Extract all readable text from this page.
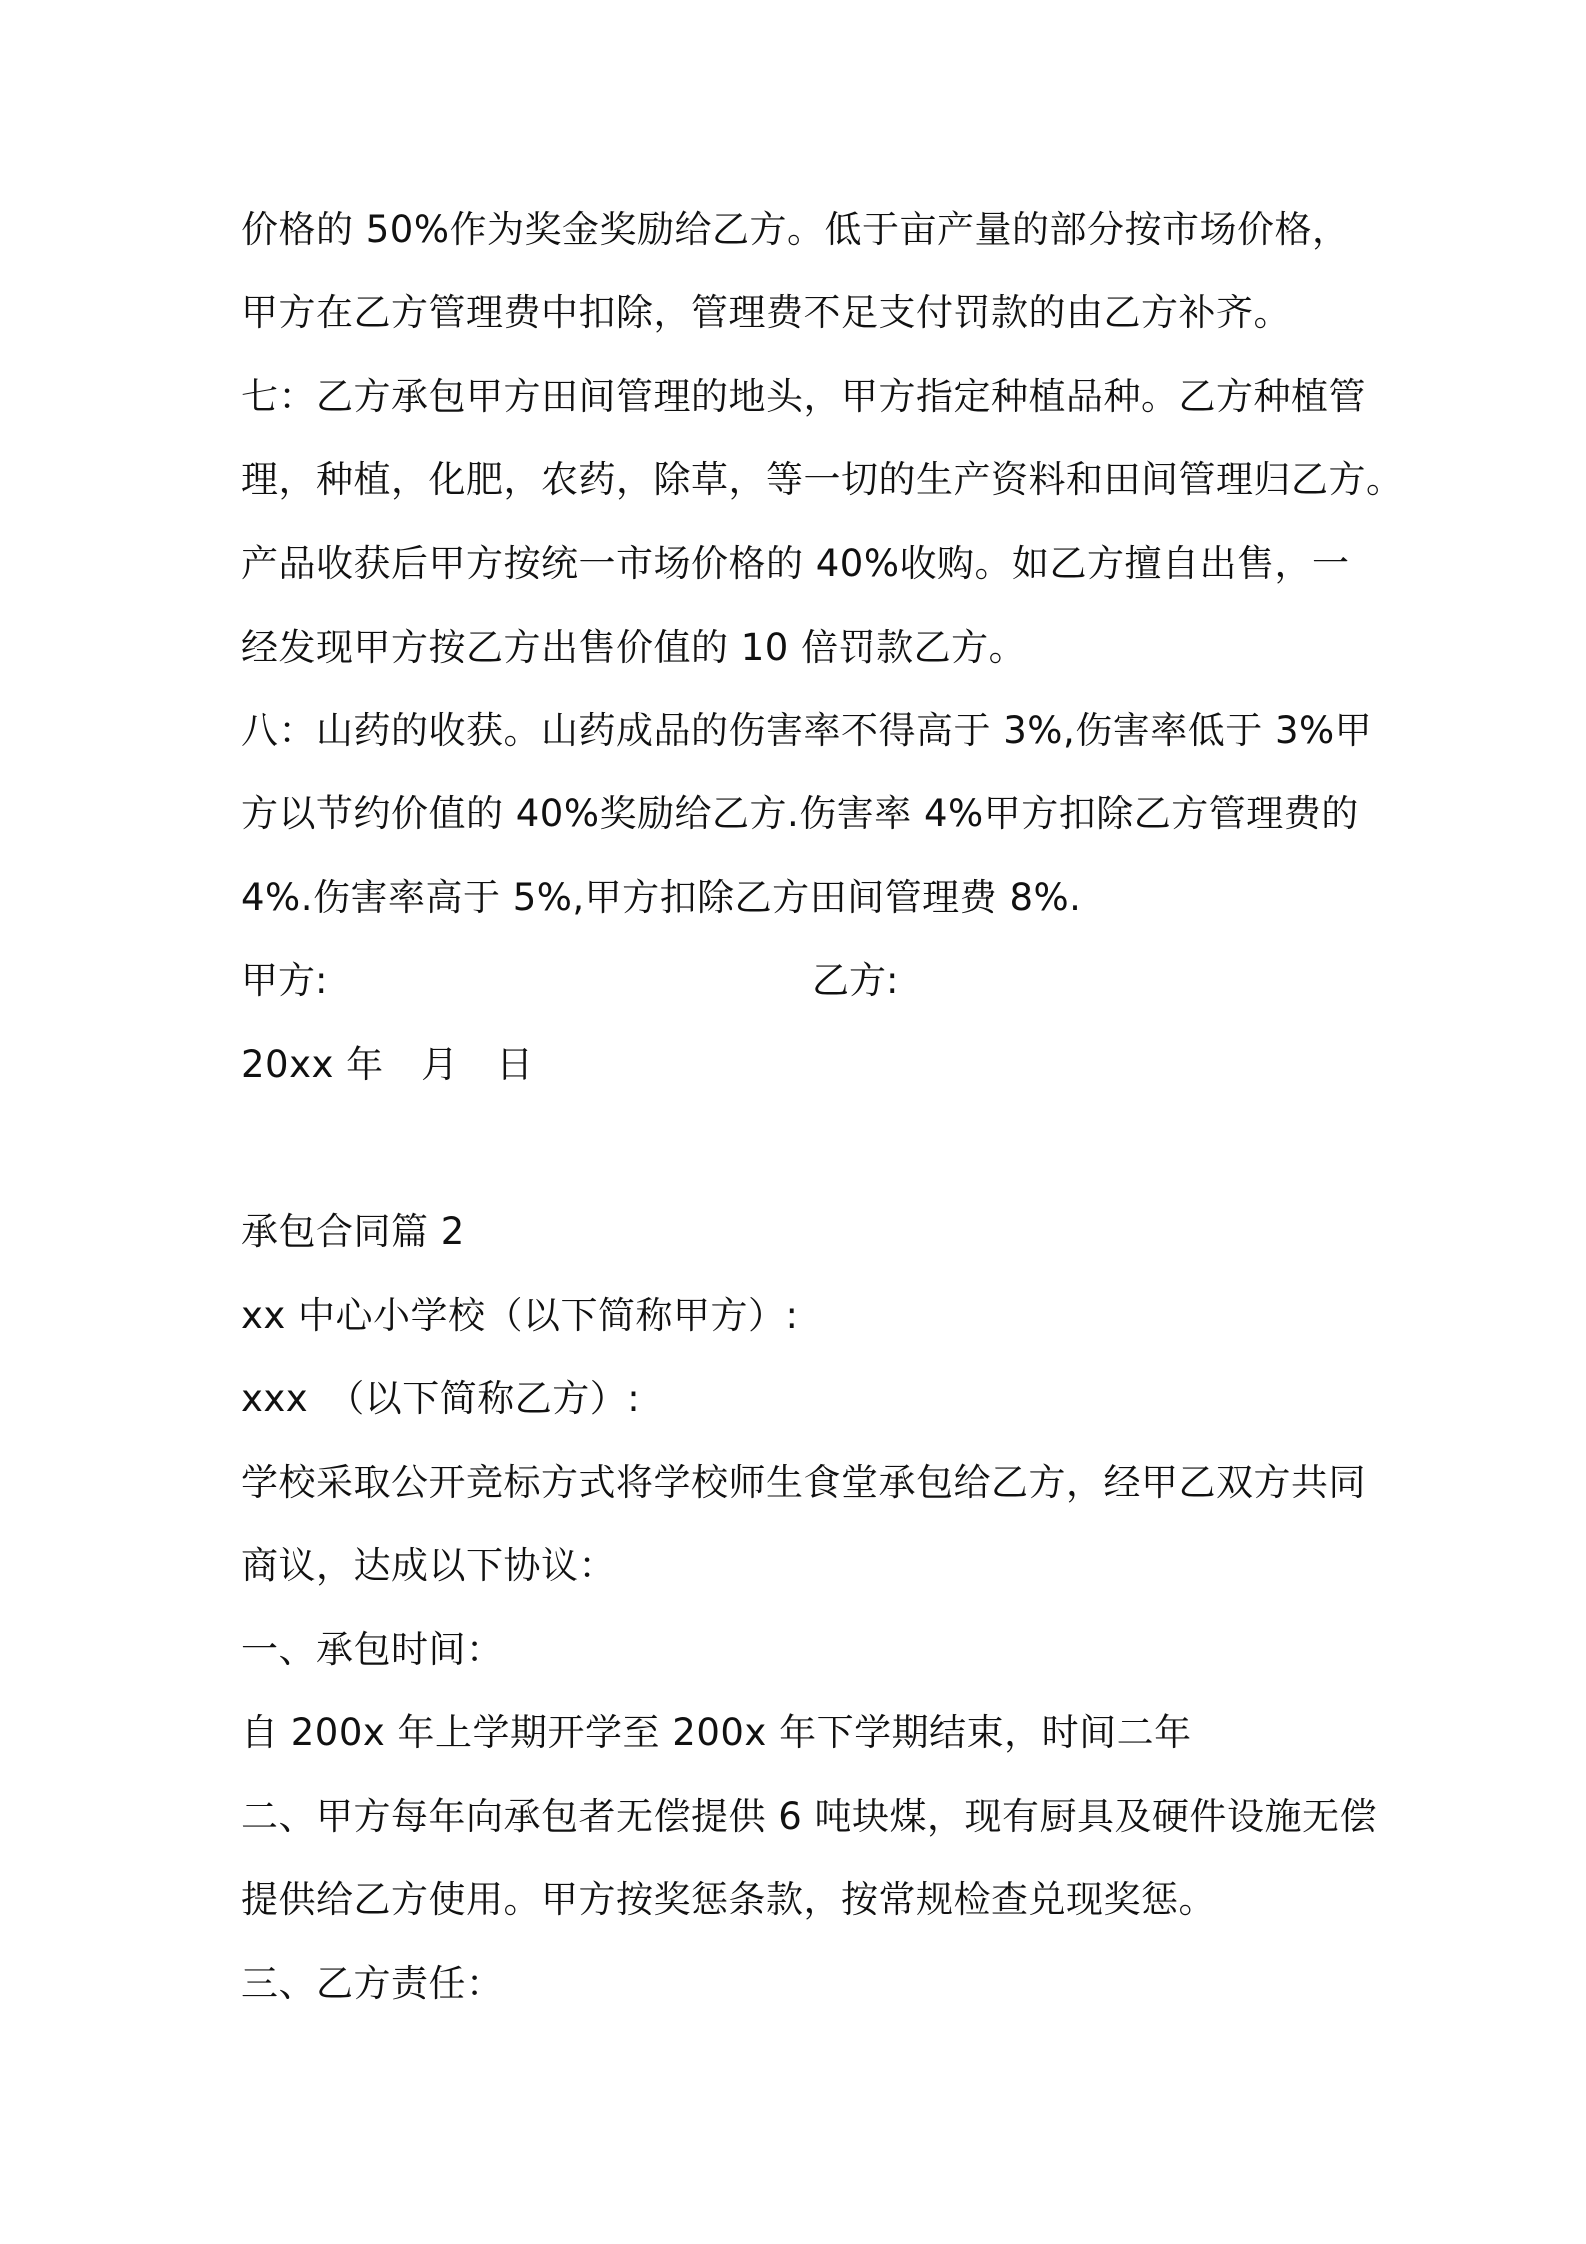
价格的 50%作为奖金奖励给乙方。低于亩产量的部分按市场价格，
甲方在乙方管理费中扣除，管理费不足支付罚款的由乙方补齐。
七：乙方承包甲方田间管理的地头，甲方指定种植品种。乙方种植管
理，种植，化肥，农药，除草，等一切的生产资料和田间管理归乙方。
产品收获后甲方按统一市场价格的 40%收购。如乙方擅自出售，一
经发现甲方按乙方出售价值的 10 倍罚款乙方。
八：山药的收获。山药成品的伤害率不得高于 3%,伤害率低于 3%甲
方以节约价值的 40%奖励给乙方.伤害率 4%甲方扣除乙方管理费的
4%.伤害率高于 5%,甲方扣除乙方田间管理费 8%.
甲方:	乙方:
20xx 年　月　日
承包合同篇 2
xx 中心小学校（以下简称甲方）:
xxx　（以下简称乙方）:
学校采取公开竞标方式将学校师生食堂承包给乙方，经甲乙双方共同
商议，达成以下协议：
一、承包时间：
自 200x 年上学期开学至 200x 年下学期结束，时间二年
二、甲方每年向承包者无偿提供 6 吨块煤，现有厨具及硬件设施无偿
提供给乙方使用。甲方按奖惩条款，按常规检查兑现奖惩。
三、乙方责任：
